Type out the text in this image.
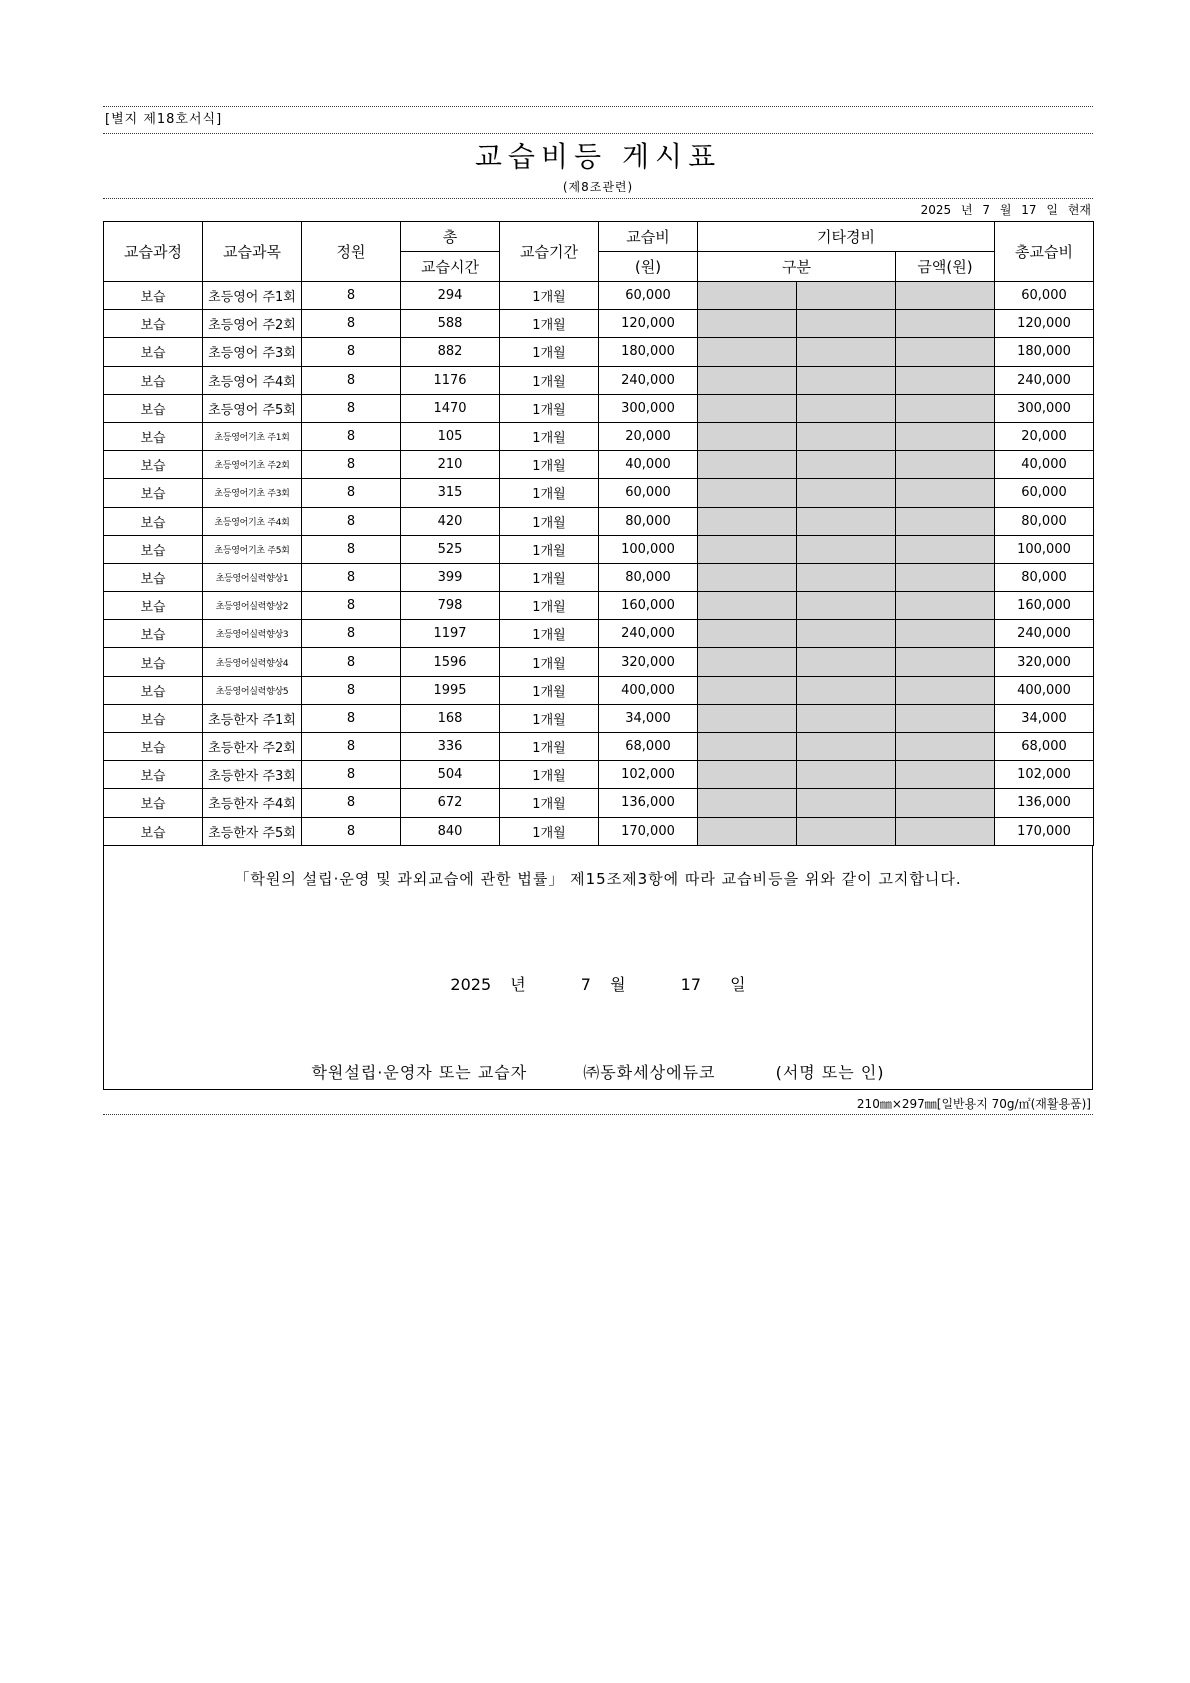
[별지 제18호서식]
교습비등 게시표
(제8조관련)
2025 년 7 월 17 일 현재
교습과정	교습과목	정원	총	교습기간	교습비	기타경비			총교습비
			교습시간		(원)	구분		금액(원)	
보습	초등영어 주1회	8	294	1개월	60,000				60,000
보습	초등영어 주2회	8	588	1개월	120,000				120,000
보습	초등영어 주3회	8	882	1개월	180,000				180,000
보습	초등영어 주4회	8	1176	1개월	240,000				240,000
보습	초등영어 주5회	8	1470	1개월	300,000				300,000
보습	초등영어기초 주1회	8	105	1개월	20,000				20,000
보습	초등영어기초 주2회	8	210	1개월	40,000				40,000
보습	초등영어기초 주3회	8	315	1개월	60,000				60,000
보습	초등영어기초 주4회	8	420	1개월	80,000				80,000
보습	초등영어기초 주5회	8	525	1개월	100,000				100,000
보습	초등영어실력향상1	8	399	1개월	80,000				80,000
보습	초등영어실력향상2	8	798	1개월	160,000				160,000
보습	초등영어실력향상3	8	1197	1개월	240,000				240,000
보습	초등영어실력향상4	8	1596	1개월	320,000				320,000
보습	초등영어실력향상5	8	1995	1개월	400,000				400,000
보습	초등한자 주1회	8	168	1개월	34,000				34,000
보습	초등한자 주2회	8	336	1개월	68,000				68,000
보습	초등한자 주3회	8	504	1개월	102,000				102,000
보습	초등한자 주4회	8	672	1개월	136,000				136,000
보습	초등한자 주5회	8	840	1개월	170,000				170,000
「학원의 설립·운영 및 과외교습에 관한 법률」 제15조제3항에 따라 교습비등을 위와 같이 고지합니다.
2025 년	7 월	17 일
학원설립·운영자 또는 교습자	㈜동화세상에듀코	(서명 또는 인)
210㎜×297㎜[일반용지 70g/㎡(재활용품)]
